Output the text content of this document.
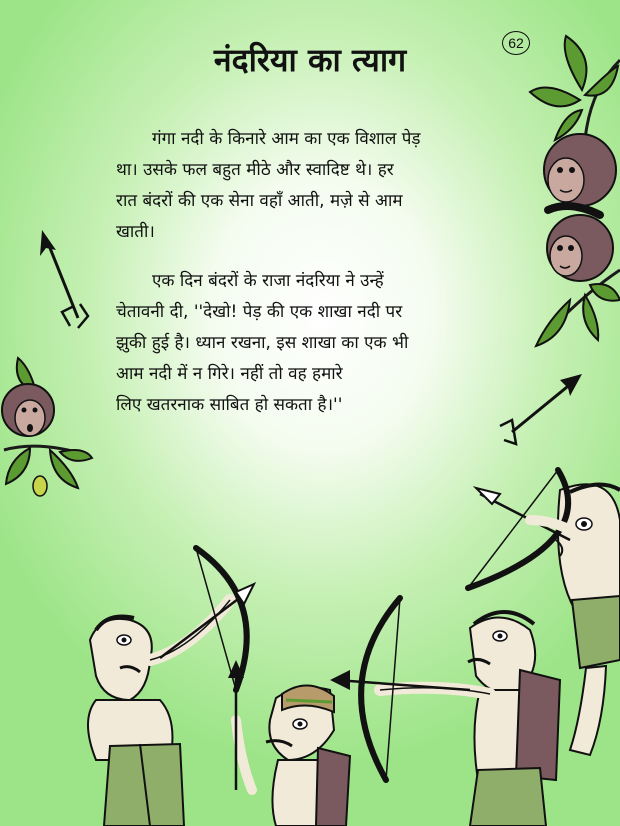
नंदरिया का त्याग	62

गंगा नदी के किनारे आम का एक विशाल पेड़
था। उसके फल बहुत मीठे और स्वादिष्ट थे। हर
रात बंदरों की एक सेना वहाँ आती, मज़े से आम
खाती।

एक दिन बंदरों के राजा नंदरिया ने उन्हें
चेतावनी दी, ''देखो! पेड़ की एक शाखा नदी पर
झुकी हुई है। ध्यान रखना, इस शाखा का एक भी
आम नदी में न गिरे। नहीं तो वह हमारे
लिए खतरनाक साबित हो सकता है।''
